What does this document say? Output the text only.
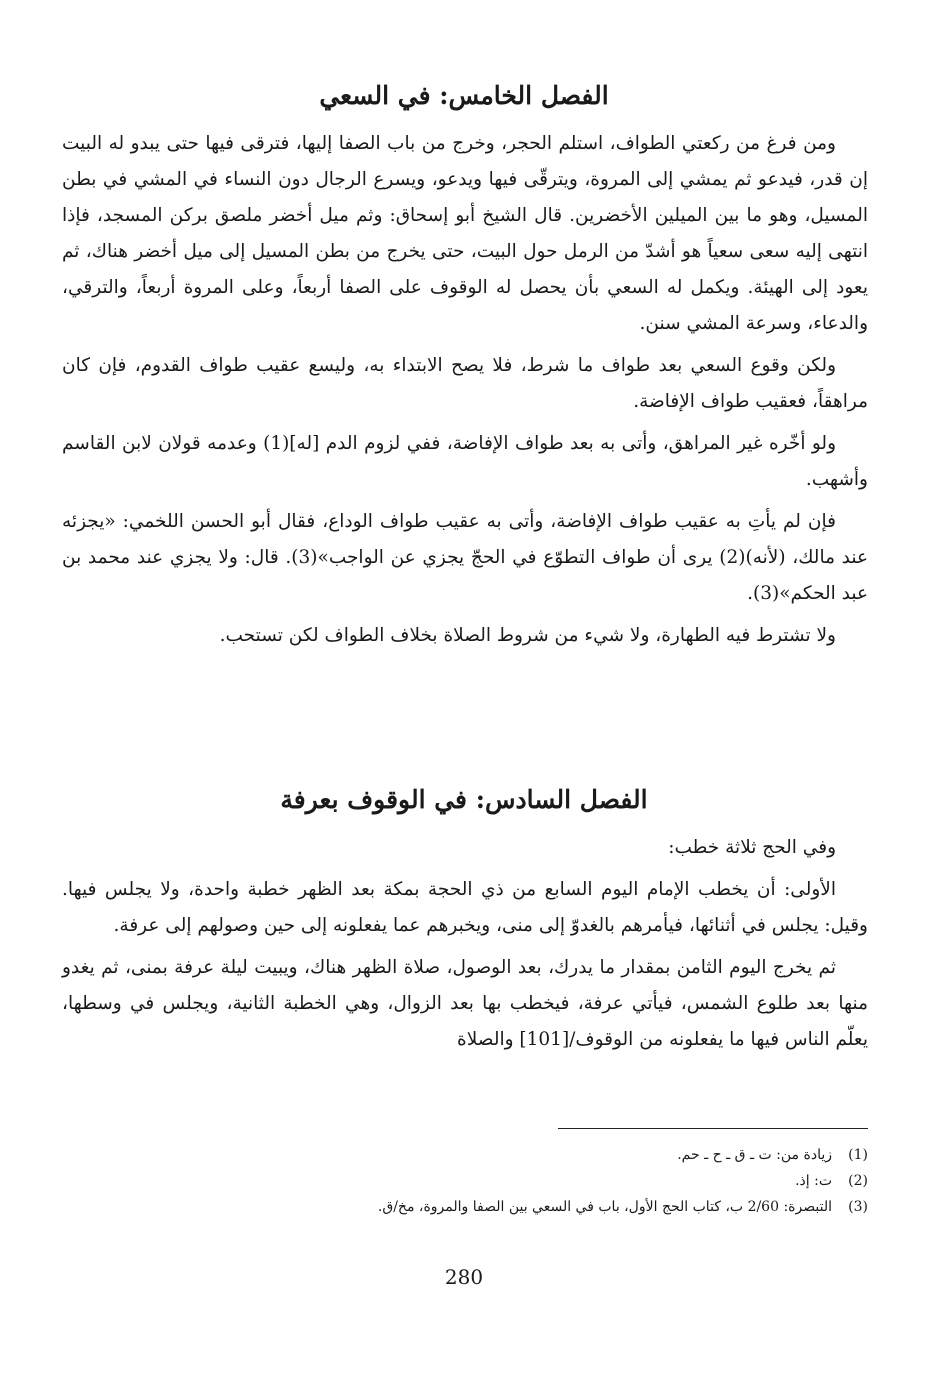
الفصل الخامس: في السعي

ومن فرغ من ركعتي الطواف، استلم الحجر، وخرج من باب الصفا إليها، فترقى فيها حتى يبدو له البيت إن قدر، فيدعو ثم يمشي إلى المروة، ويترقّى فيها ويدعو، ويسرع الرجال دون النساء في المشي في بطن المسيل، وهو ما بين الميلين الأخضرين. قال الشيخ أبو إسحاق: وثم ميل أخضر ملصق بركن المسجد، فإذا انتهى إليه سعى سعياً هو أشدّ من الرمل حول البيت، حتى يخرج من بطن المسيل إلى ميل أخضر هناك، ثم يعود إلى الهيئة. ويكمل له السعي بأن يحصل له الوقوف على الصفا أربعاً، وعلى المروة أربعاً، والترقي، والدعاء، وسرعة المشي سنن.

ولكن وقوع السعي بعد طواف ما شرط، فلا يصح الابتداء به، وليسع عقيب طواف القدوم، فإن كان مراهقاً، فعقيب طواف الإفاضة.

ولو أخّره غير المراهق، وأتى به بعد طواف الإفاضة، ففي لزوم الدم [له](1) وعدمه قولان لابن القاسم وأشهب.

فإن لم يأتِ به عقيب طواف الإفاضة، وأتى به عقيب طواف الوداع، فقال أبو الحسن اللخمي: «يجزئه عند مالك، (لأنه)(2) يرى أن طواف التطوّع في الحجّ يجزي عن الواجب»(3). قال: ولا يجزي عند محمد بن عبد الحكم»(3).

ولا تشترط فيه الطهارة، ولا شيء من شروط الصلاة بخلاف الطواف لكن تستحب.

الفصل السادس: في الوقوف بعرفة

وفي الحج ثلاثة خطب:

الأولى: أن يخطب الإمام اليوم السابع من ذي الحجة بمكة بعد الظهر خطبة واحدة، ولا يجلس فيها. وقيل: يجلس في أثنائها، فيأمرهم بالغدوّ إلى منى، ويخبرهم عما يفعلونه إلى حين وصولهم إلى عرفة.

ثم يخرج اليوم الثامن بمقدار ما يدرك، بعد الوصول، صلاة الظهر هناك، ويبيت ليلة عرفة بمنى، ثم يغدو منها بعد طلوع الشمس، فيأتي عرفة، فيخطب بها بعد الزوال، وهي الخطبة الثانية، ويجلس في وسطها، يعلّم الناس فيها ما يفعلونه من الوقوف/[101] والصلاة

(1)
زيادة من: ت ـ ق ـ ح ـ حم.
(2)
ت: إذ.
(3)
التبصرة: 2/60 ب، كتاب الحج الأول، باب في السعي بين الصفا والمروة، مخ/ق.
280
